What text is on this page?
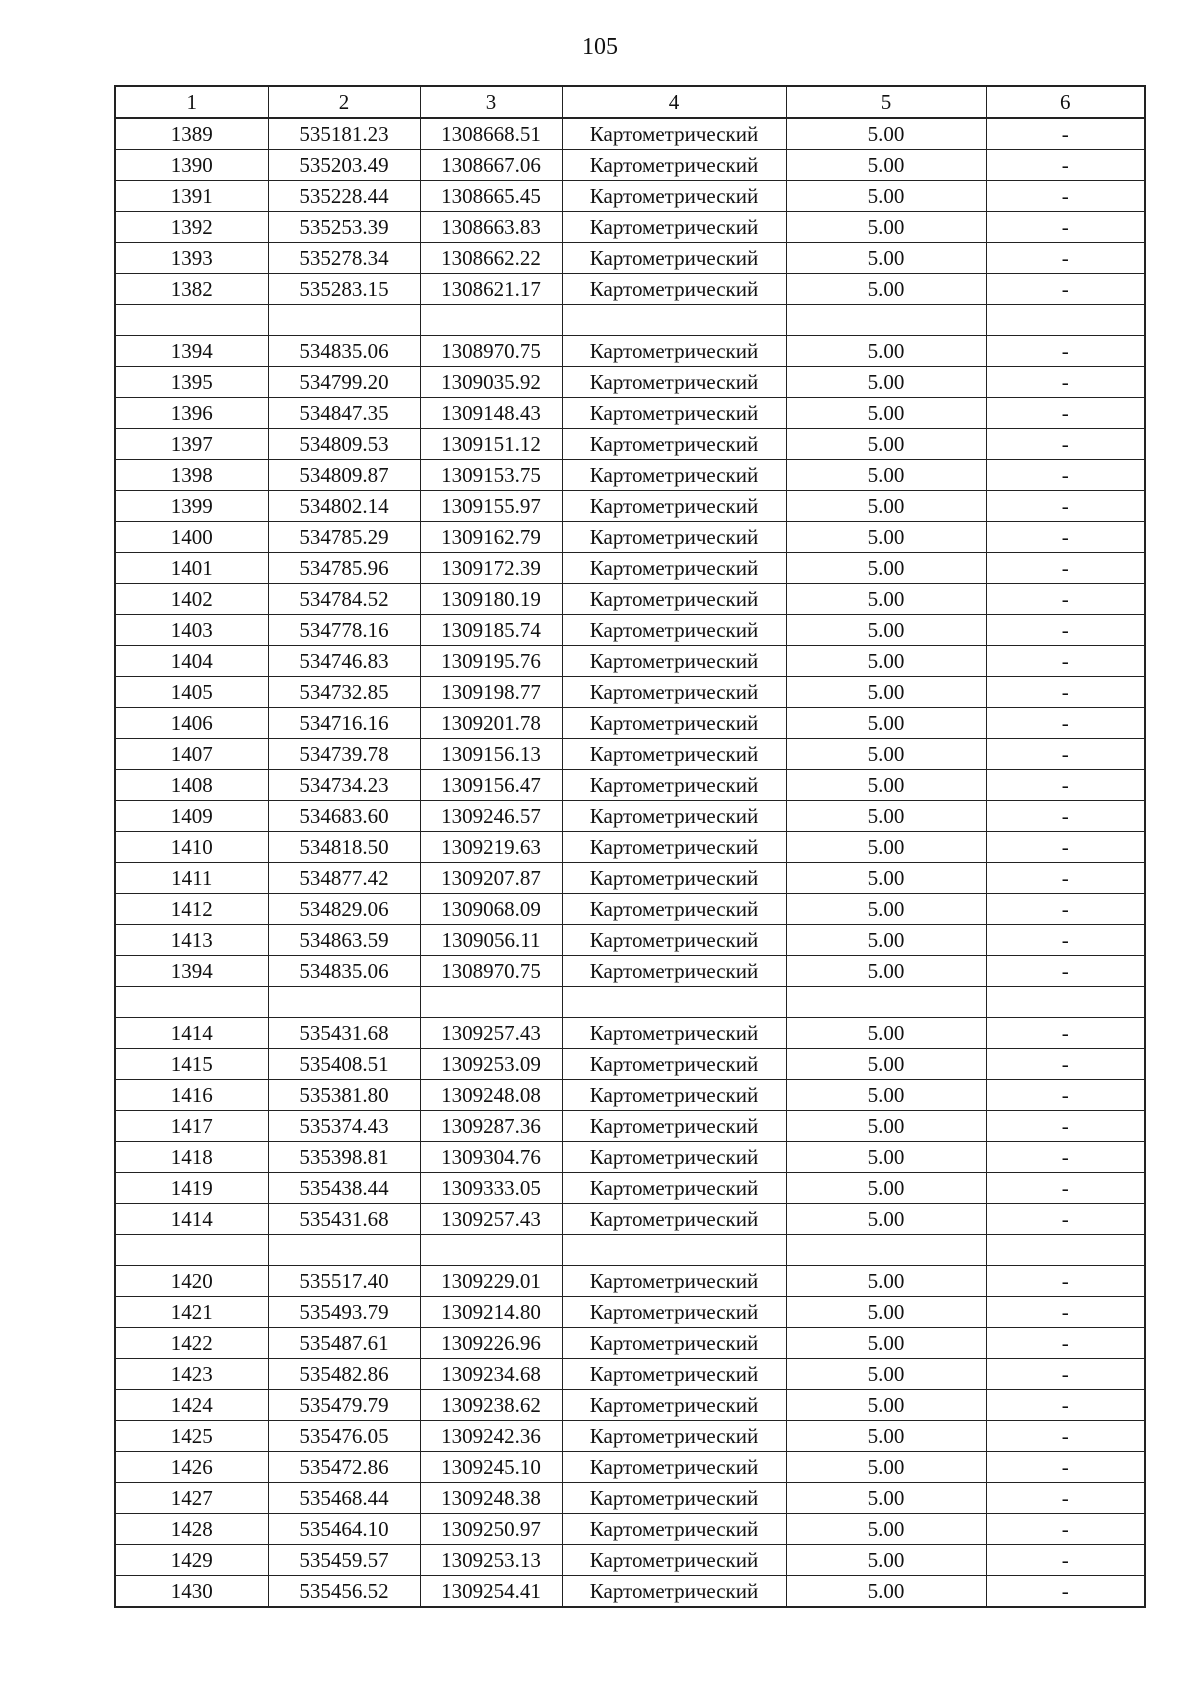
105
1	2	3	4	5	6
1389	535181.23	1308668.51	Картометрический	5.00	-
1390	535203.49	1308667.06	Картометрический	5.00	-
1391	535228.44	1308665.45	Картометрический	5.00	-
1392	535253.39	1308663.83	Картометрический	5.00	-
1393	535278.34	1308662.22	Картометрический	5.00	-
1382	535283.15	1308621.17	Картометрический	5.00	-

1394	534835.06	1308970.75	Картометрический	5.00	-
1395	534799.20	1309035.92	Картометрический	5.00	-
1396	534847.35	1309148.43	Картометрический	5.00	-
1397	534809.53	1309151.12	Картометрический	5.00	-
1398	534809.87	1309153.75	Картометрический	5.00	-
1399	534802.14	1309155.97	Картометрический	5.00	-
1400	534785.29	1309162.79	Картометрический	5.00	-
1401	534785.96	1309172.39	Картометрический	5.00	-
1402	534784.52	1309180.19	Картометрический	5.00	-
1403	534778.16	1309185.74	Картометрический	5.00	-
1404	534746.83	1309195.76	Картометрический	5.00	-
1405	534732.85	1309198.77	Картометрический	5.00	-
1406	534716.16	1309201.78	Картометрический	5.00	-
1407	534739.78	1309156.13	Картометрический	5.00	-
1408	534734.23	1309156.47	Картометрический	5.00	-
1409	534683.60	1309246.57	Картометрический	5.00	-
1410	534818.50	1309219.63	Картометрический	5.00	-
1411	534877.42	1309207.87	Картометрический	5.00	-
1412	534829.06	1309068.09	Картометрический	5.00	-
1413	534863.59	1309056.11	Картометрический	5.00	-
1394	534835.06	1308970.75	Картометрический	5.00	-

1414	535431.68	1309257.43	Картометрический	5.00	-
1415	535408.51	1309253.09	Картометрический	5.00	-
1416	535381.80	1309248.08	Картометрический	5.00	-
1417	535374.43	1309287.36	Картометрический	5.00	-
1418	535398.81	1309304.76	Картометрический	5.00	-
1419	535438.44	1309333.05	Картометрический	5.00	-
1414	535431.68	1309257.43	Картометрический	5.00	-

1420	535517.40	1309229.01	Картометрический	5.00	-
1421	535493.79	1309214.80	Картометрический	5.00	-
1422	535487.61	1309226.96	Картометрический	5.00	-
1423	535482.86	1309234.68	Картометрический	5.00	-
1424	535479.79	1309238.62	Картометрический	5.00	-
1425	535476.05	1309242.36	Картометрический	5.00	-
1426	535472.86	1309245.10	Картометрический	5.00	-
1427	535468.44	1309248.38	Картометрический	5.00	-
1428	535464.10	1309250.97	Картометрический	5.00	-
1429	535459.57	1309253.13	Картометрический	5.00	-
1430	535456.52	1309254.41	Картометрический	5.00	-
